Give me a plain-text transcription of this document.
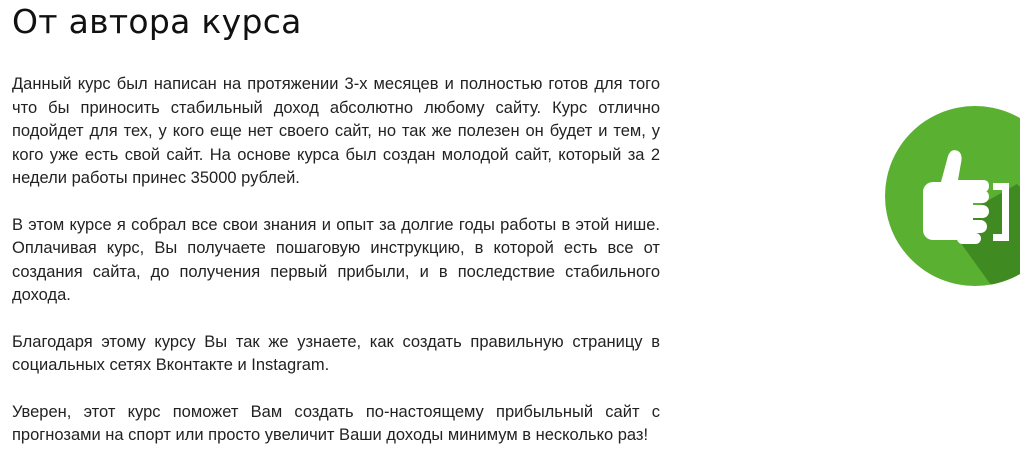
От автора курса

Данный курс был написан на протяжении 3-х месяцев и полностью готов для того что бы приносить стабильный доход абсолютно любому сайту. Курс отлично подойдет для тех, у кого еще нет своего сайт, но так же полезен он будет и тем, у кого уже есть свой сайт. На основе курса был создан молодой сайт, который за 2 недели работы принес 35000 рублей.

В этом курсе я собрал все свои знания и опыт за долгие годы работы в этой нише. Оплачивая курс, Вы получаете пошаговую инструкцию, в которой есть все от создания сайта, до получения первый прибыли, и в последствие стабильного дохода.

Благодаря этому курсу Вы так же узнаете, как создать правильную страницу в социальных сетях Вконтакте и Instagram.

Уверен, этот курс поможет Вам создать по-настоящему прибыльный сайт с прогнозами на спорт или просто увеличит Ваши доходы минимум в несколько раз!
